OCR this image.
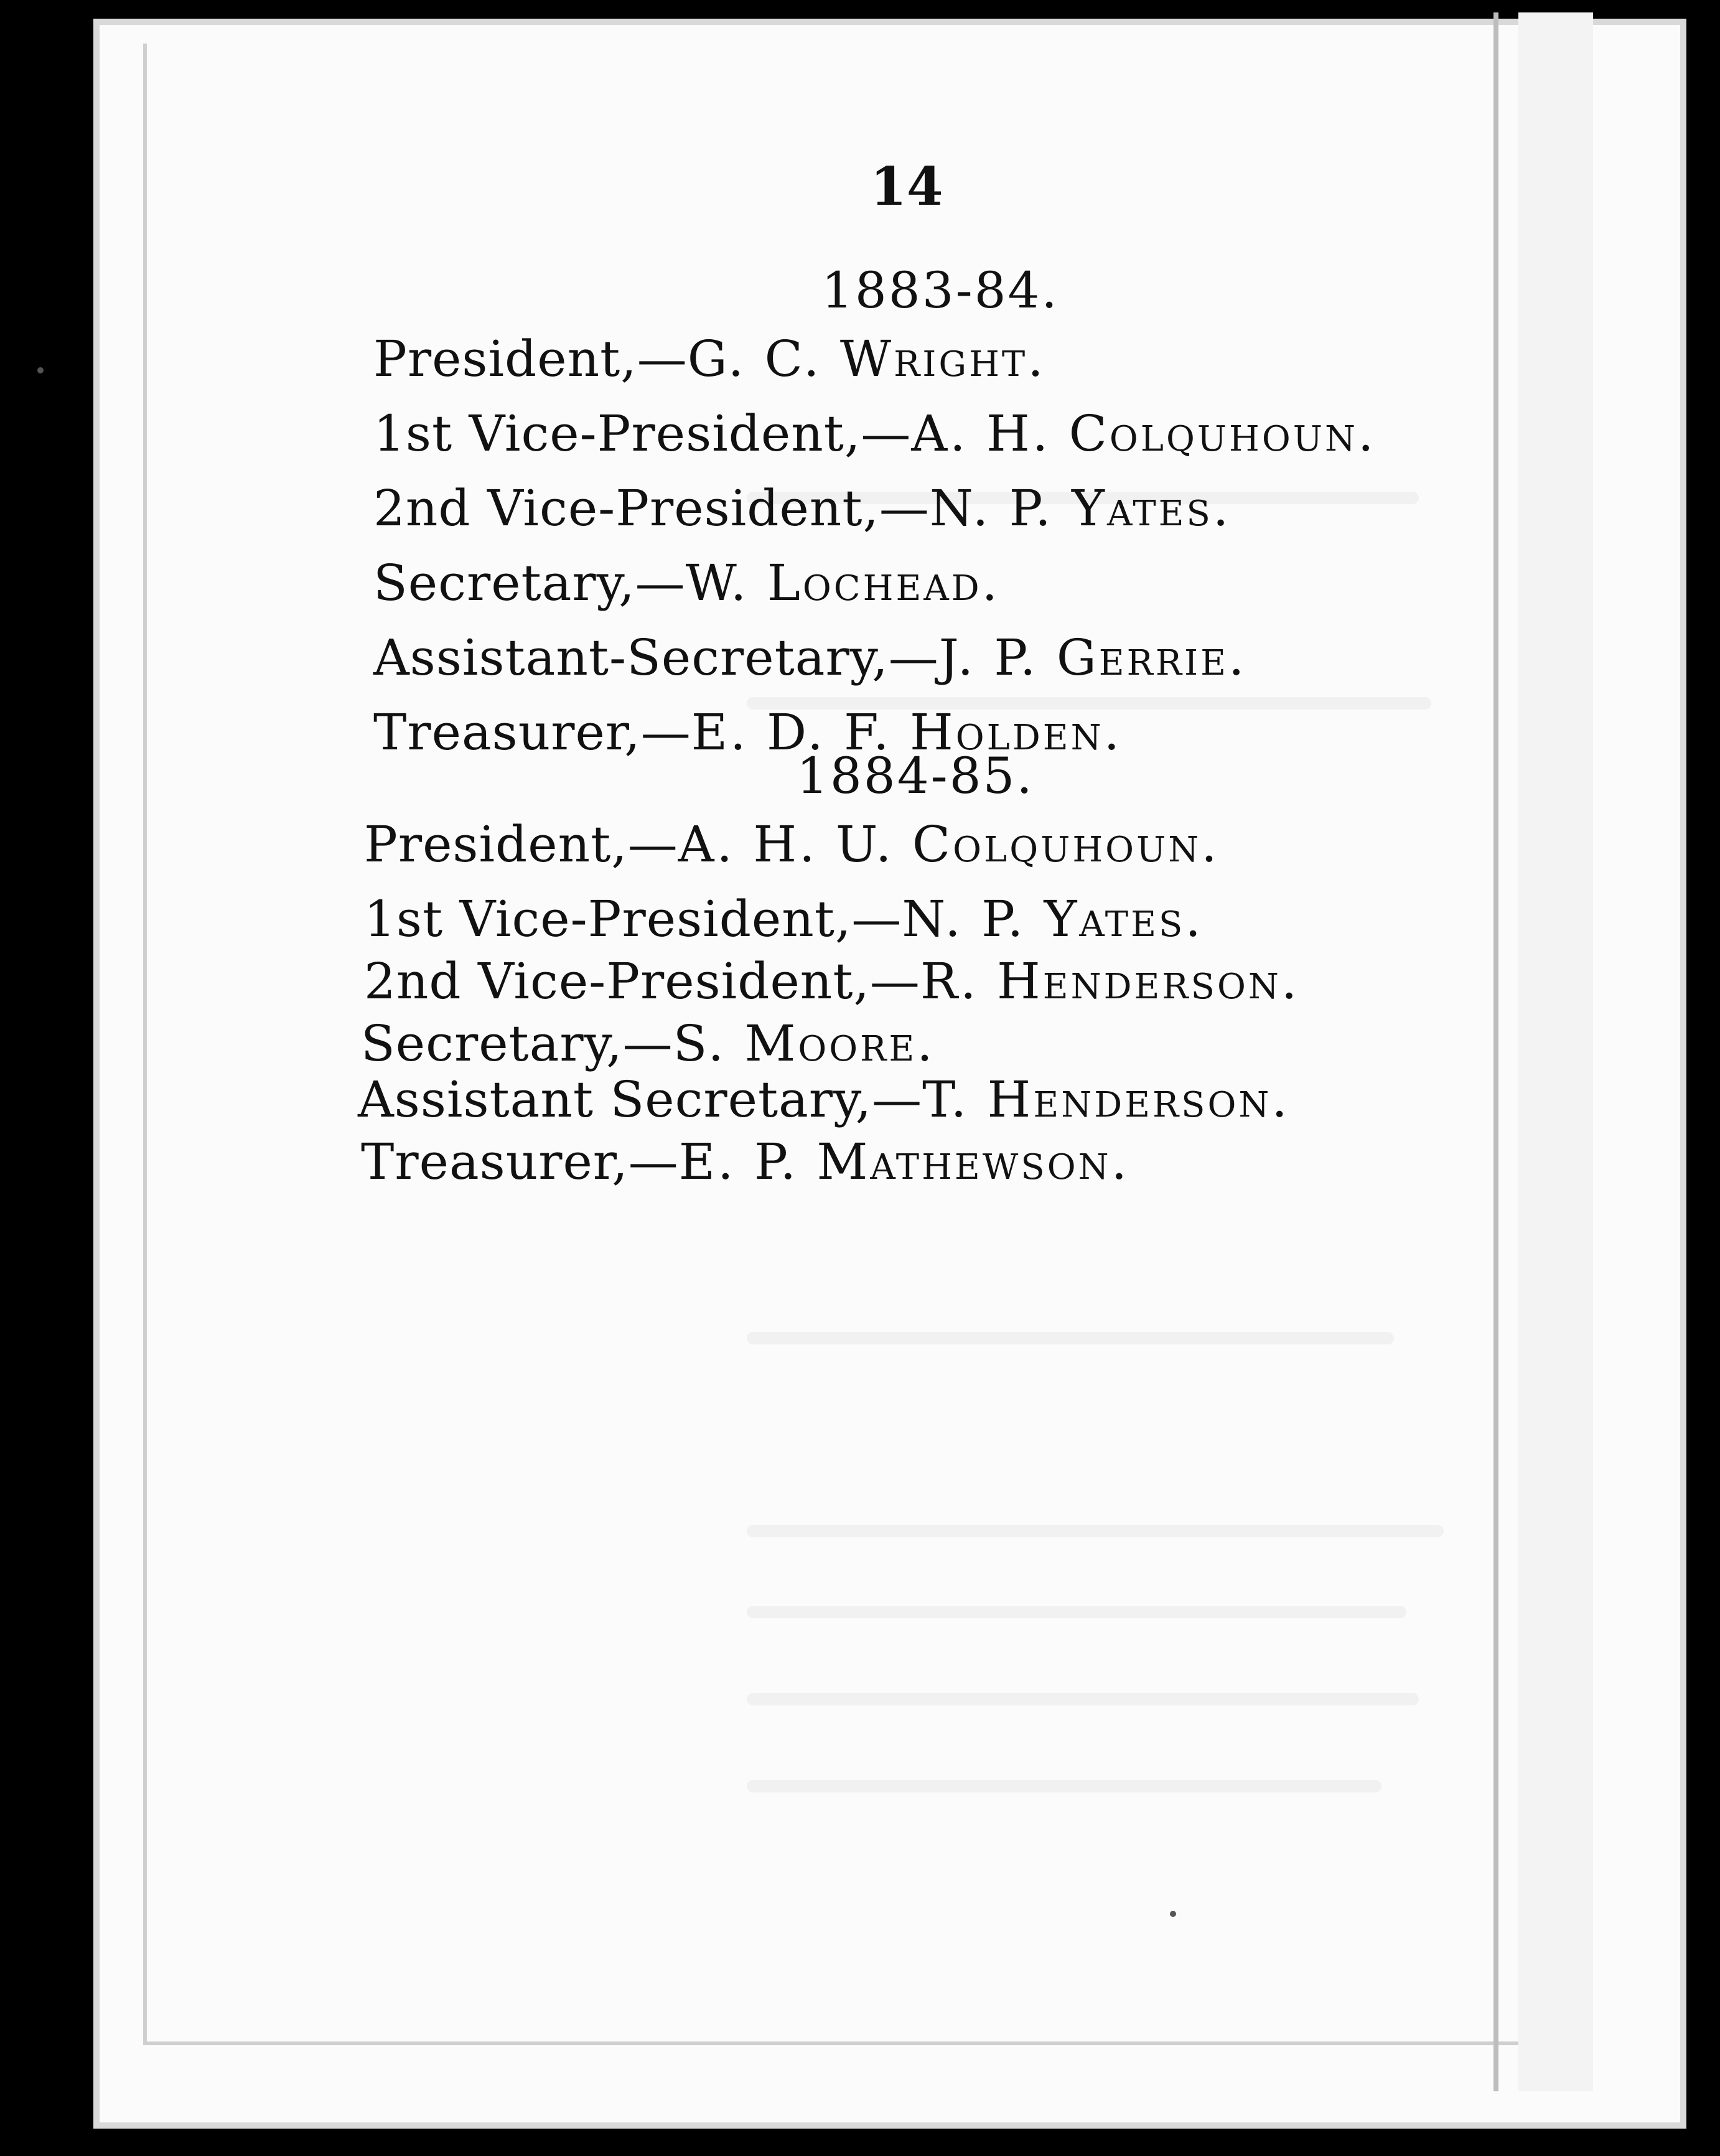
14
1883-84.
President,—G. C. Wright.
1st Vice-President,—A. H. Colquhoun.
2nd Vice-President,—N. P. Yates.
Secretary,—W. Lochead.
Assistant-Secretary,—J. P. Gerrie.
Treasurer,—E. D. F. Holden.
1884-85.
President,—A. H. U. Colquhoun.
1st Vice-President,—N. P. Yates.
2nd Vice-President,—R. Henderson.
Secretary,—S. Moore.
Assistant Secretary,—T. Henderson.
Treasurer,—E. P. Mathewson.
